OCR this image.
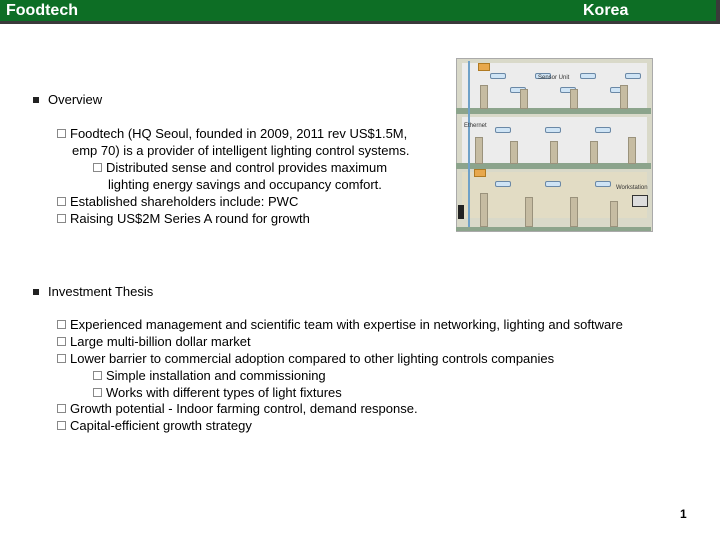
Foodtech	Korea
Overview
Foodtech (HQ Seoul, founded in 2009, 2011 rev US$1.5M,
emp 70) is a provider of intelligent lighting control systems.
Distributed sense and control provides maximum
lighting energy savings and occupancy comfort.
Established shareholders include: PWC
Raising US$2M Series A round for growth
Sensor Unit
Ethernet
Workstation
Investment Thesis
Experienced management and scientific team with expertise in networking, lighting and software
Large multi-billion dollar market
Lower barrier to commercial adoption compared to other lighting controls companies
Simple installation and commissioning
Works with different types of light fixtures
Growth potential - Indoor farming control, demand response.
Capital-efficient growth strategy
1
